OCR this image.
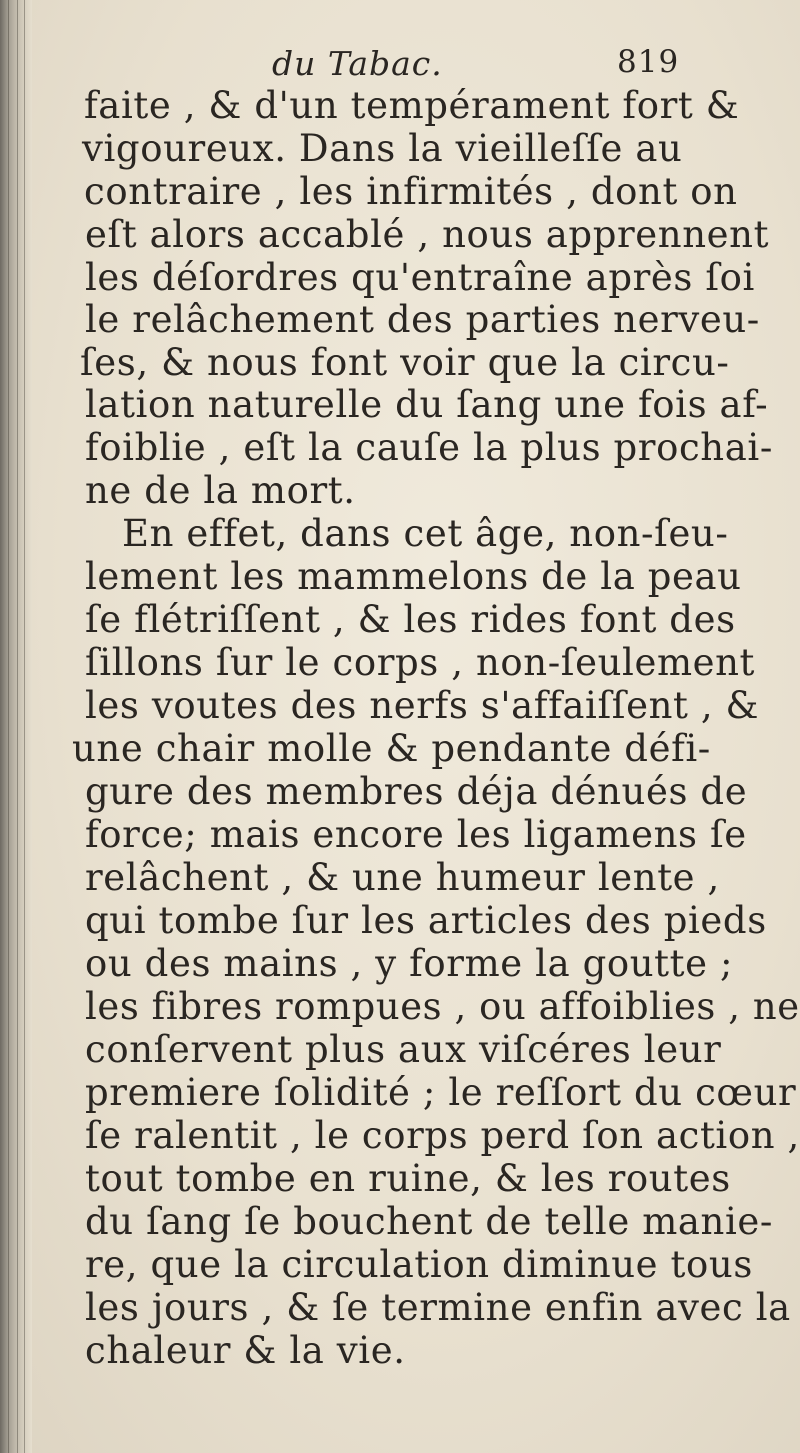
du Tabac.	819
faite , & d'un tempérament fort &
vigoureux. Dans la vieilleſſe au
contraire , les infirmités , dont on
eſt alors accablé , nous apprennent
les déſordres qu'entraîne après ſoi
le relâchement des parties nerveu-
ſes, & nous font voir que la circu-
lation naturelle du ſang une fois af-
foiblie , eſt la cauſe la plus prochai-
ne de la mort.
En effet, dans cet âge, non-ſeu-
lement les mammelons de la peau
ſe flétriſſent , & les rides font des
ſillons ſur le corps , non-ſeulement
les voutes des nerfs s'affaiſſent , &
une chair molle & pendante défi-
gure des membres déja dénués de
force; mais encore les ligamens ſe
relâchent , & une humeur lente ,
qui tombe ſur les articles des pieds
ou des mains , y forme la goutte ;
les fibres rompues , ou affoiblies , ne
conſervent plus aux viſcéres leur
premiere ſolidité ; le reſſort du cœur
ſe ralentit , le corps perd ſon action ,
tout tombe en ruine, & les routes
du ſang ſe bouchent de telle manie-
re, que la circulation diminue tous
les jours , & ſe termine enfin avec la
chaleur & la vie.
